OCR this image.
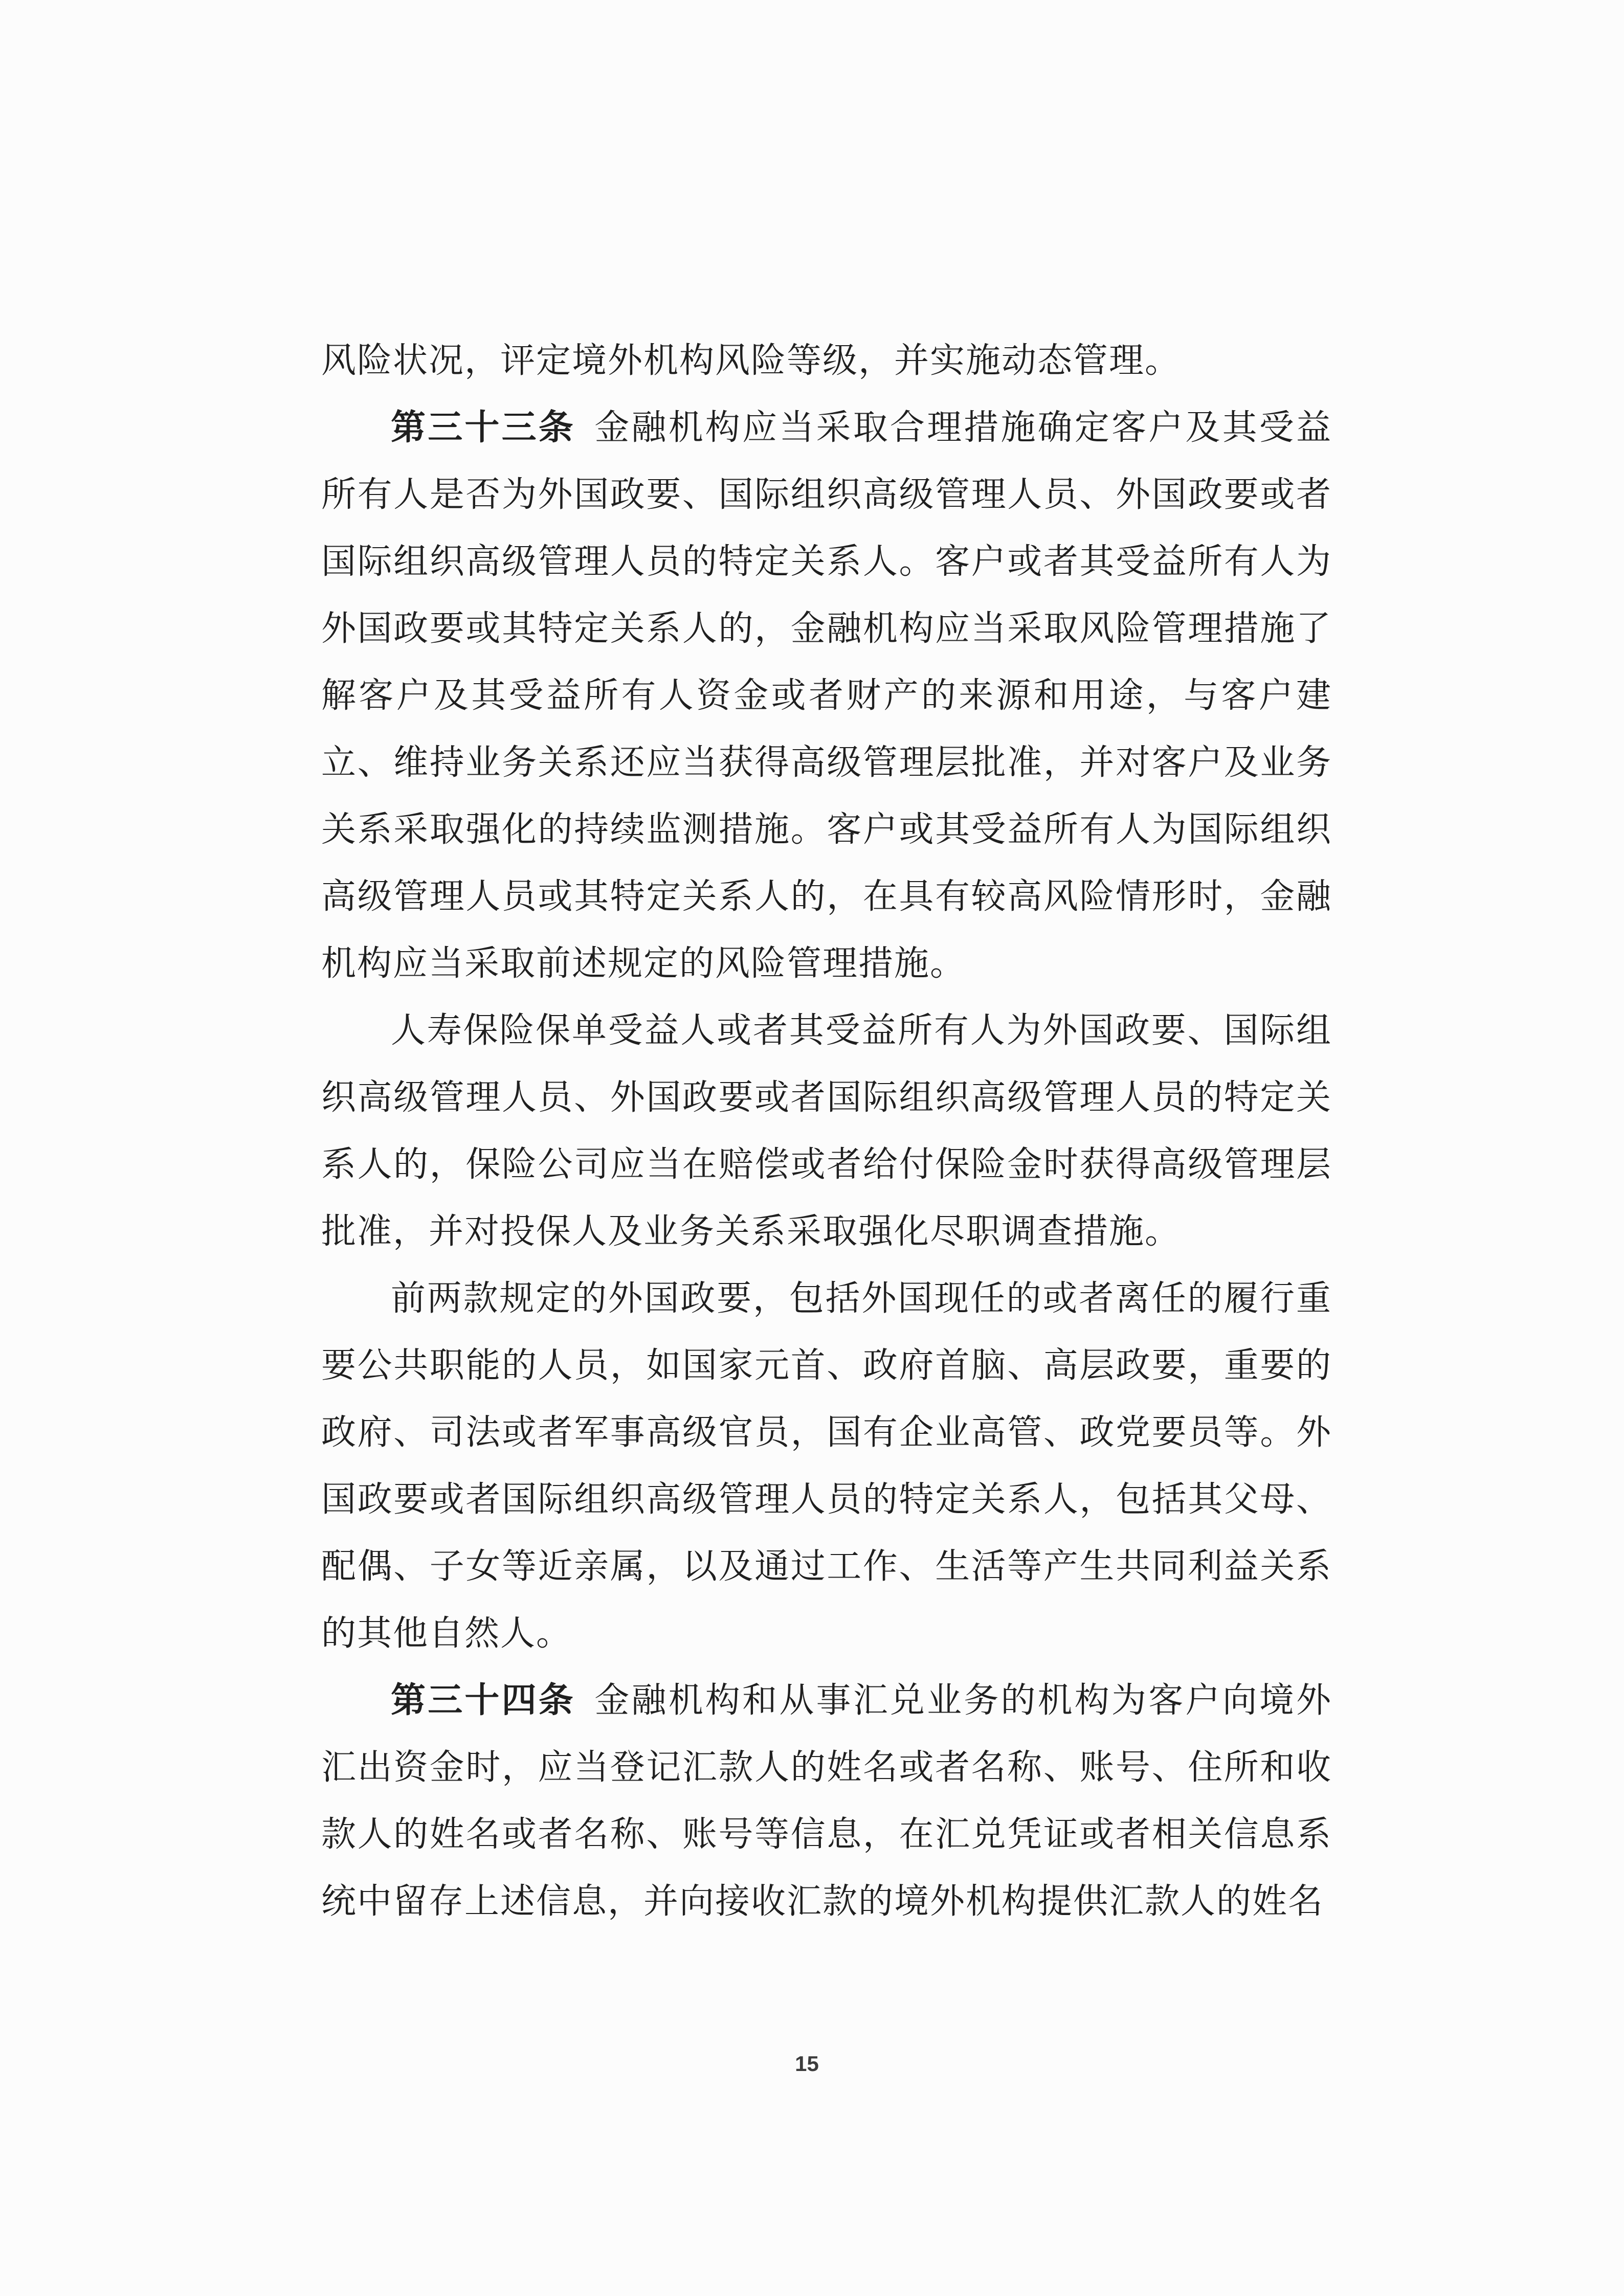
风险状况，评定境外机构风险等级，并实施动态管理。

第三十三条 金融机构应当采取合理措施确定客户及其受益所有人是否为外国政要、国际组织高级管理人员、外国政要或者国际组织高级管理人员的特定关系人。客户或者其受益所有人为外国政要或其特定关系人的，金融机构应当采取风险管理措施了解客户及其受益所有人资金或者财产的来源和用途，与客户建立、维持业务关系还应当获得高级管理层批准，并对客户及业务关系采取强化的持续监测措施。客户或其受益所有人为国际组织高级管理人员或其特定关系人的，在具有较高风险情形时，金融机构应当采取前述规定的风险管理措施。

人寿保险保单受益人或者其受益所有人为外国政要、国际组织高级管理人员、外国政要或者国际组织高级管理人员的特定关系人的，保险公司应当在赔偿或者给付保险金时获得高级管理层批准，并对投保人及业务关系采取强化尽职调查措施。

前两款规定的外国政要，包括外国现任的或者离任的履行重要公共职能的人员，如国家元首、政府首脑、高层政要，重要的政府、司法或者军事高级官员，国有企业高管、政党要员等。外国政要或者国际组织高级管理人员的特定关系人，包括其父母、配偶、子女等近亲属，以及通过工作、生活等产生共同利益关系的其他自然人。

第三十四条 金融机构和从事汇兑业务的机构为客户向境外汇出资金时，应当登记汇款人的姓名或者名称、账号、住所和收款人的姓名或者名称、账号等信息，在汇兑凭证或者相关信息系统中留存上述信息，并向接收汇款的境外机构提供汇款人的姓名

15
